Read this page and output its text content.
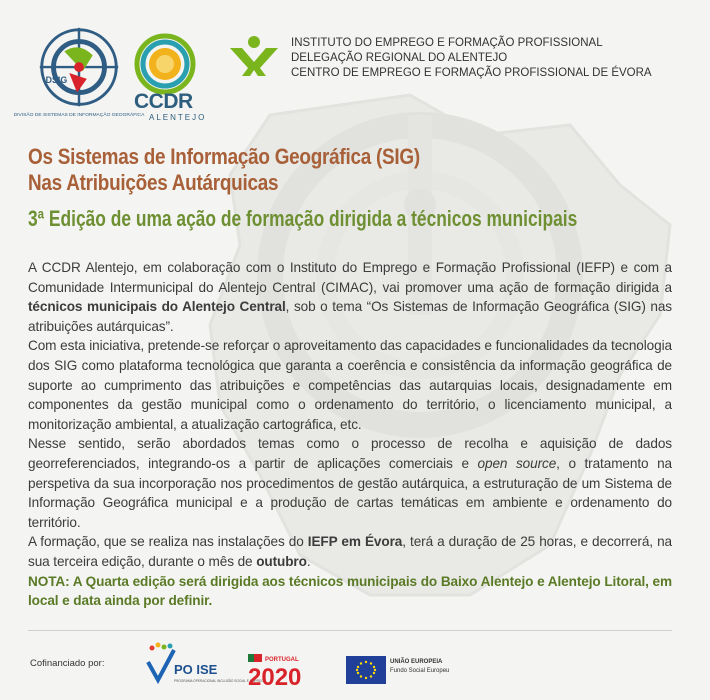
DSIG
DIVISÃO DE SISTEMAS DE INFORMAÇÃO GEOGRÁFICA
CCDR
ALENTEJO
INSTITUTO DO EMPREGO E FORMAÇÃO PROFISSIONAL
DELEGAÇÃO REGIONAL DO ALENTEJO
CENTRO DE EMPREGO E FORMAÇÃO PROFISSIONAL DE ÉVORA
Os Sistemas de Informação Geográfica (SIG)
Nas Atribuições Autárquicas
3ª Edição de uma ação de formação dirigida a técnicos municipais

A CCDR Alentejo, em colaboração com o Instituto do Emprego e Formação Profissional (IEFP) e com a Comunidade Intermunicipal do Alentejo Central (CIMAC), vai promover uma ação de formação dirigida a técnicos municipais do Alentejo Central, sob o tema “Os Sistemas de Informação Geográfica (SIG) nas atribuições autárquicas”.

Com esta iniciativa, pretende-se reforçar o aproveitamento das capacidades e funcionalidades da tecnologia dos SIG como plataforma tecnológica que garanta a coerência e consistência da informação geográfica de suporte ao cumprimento das atribuições e competências das autarquias locais, designadamente em componentes da gestão municipal como o ordenamento do território, o licenciamento municipal, a monitorização ambiental, a atualização cartográfica, etc.

Nesse sentido, serão abordados temas como o processo de recolha e aquisição de dados georreferenciados, integrando-os a partir de aplicações comerciais e open source, o tratamento na perspetiva da sua incorporação nos procedimentos de gestão autárquica, a estruturação de um Sistema de Informação Geográfica municipal e a produção de cartas temáticas em ambiente e ordenamento do território.

A formação, que se realiza nas instalações do IEFP em Évora, terá a duração de 25 horas, e decorrerá, na sua terceira edição, durante o mês de outubro.

NOTA: A Quarta edição será dirigida aos técnicos municipais do Baixo Alentejo e Alentejo Litoral, em local e data ainda por definir.

Cofinanciado por:	PO ISE
PROGRAMA OPERACIONAL INCLUSÃO SOCIAL E EMPREGO
PORTUGAL
2020
UNIÃO EUROPEIA
Fundo Social Europeu
